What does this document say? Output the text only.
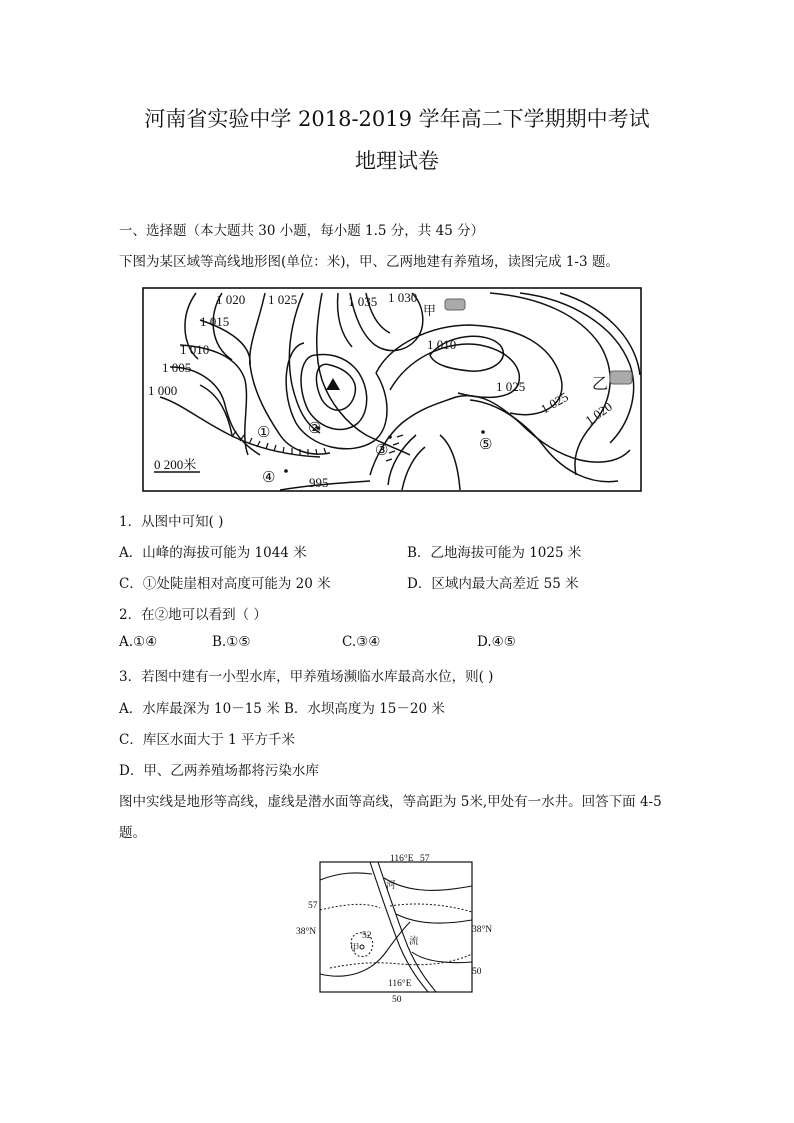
河南省实验中学 2018-2019 学年高二下学期期中考试
地理试卷
一、选择题（本大题共 30 小题，每小题 1.5 分，共 45 分）
下图为某区域等高线地形图(单位：米)，甲、乙两地建有养殖场，读图完成 1-3 题。
1 020 1 025	1 035 1 030
1 015
1 010
1 005
1 000
1 010
1 025
1 025 1 020
995
甲
乙
0 200米
①	②
③
④
⑤
1．从图中可知( )
A．山峰的海拔可能为 1044 米	B．乙地海拔可能为 1025 米
C．①处陡崖相对高度可能为 20 米	D．区域内最大高差近 55 米
2．在②地可以看到（ ）
A.①④	B.①⑤	C.③④	D.④⑤
3．若图中建有一小型水库，甲养殖场濒临水库最高水位，则( )
A．水库最深为 10－15 米 B．水坝高度为 15－20 米
C．库区水面大于 1 平方千米
D．甲、乙两养殖场都将污染水库
图中实线是地形等高线，虚线是潜水面等高线，等高距为 5米,甲处有一水井。回答下面 4-5
题。
116°E 57
57
38°N	38°N
河
流
52
甲
50
116°E
50
